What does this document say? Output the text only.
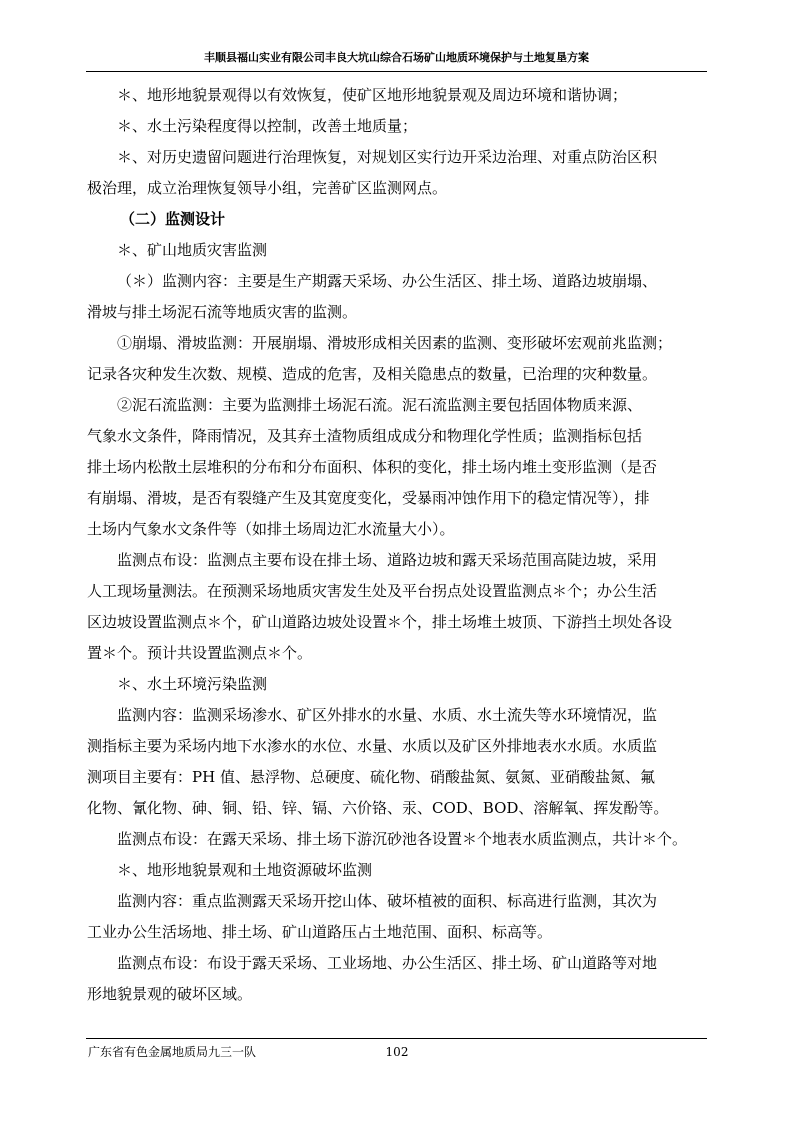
丰顺县福山实业有限公司丰良大坑山综合石场矿山地质环境保护与土地复垦方案

＊、地形地貌景观得以有效恢复，使矿区地形地貌景观及周边环境和谐协调；

＊、水土污染程度得以控制，改善土地质量；

＊、对历史遗留问题进行治理恢复，对规划区实行边开采边治理、对重点防治区积

极治理，成立治理恢复领导小组，完善矿区监测网点。

（二）监测设计

＊、矿山地质灾害监测

（＊）监测内容：主要是生产期露天采场、办公生活区、排土场、道路边坡崩塌、

滑坡与排土场泥石流等地质灾害的监测。

①崩塌、滑坡监测：开展崩塌、滑坡形成相关因素的监测、变形破坏宏观前兆监测；

记录各灾种发生次数、规模、造成的危害，及相关隐患点的数量，已治理的灾种数量。

②泥石流监测：主要为监测排土场泥石流。泥石流监测主要包括固体物质来源、

气象水文条件，降雨情况，及其弃土渣物质组成成分和物理化学性质；监测指标包括

排土场内松散土层堆积的分布和分布面积、体积的变化，排土场内堆土变形监测（是否

有崩塌、滑坡，是否有裂缝产生及其宽度变化，受暴雨冲蚀作用下的稳定情况等），排

土场内气象水文条件等（如排土场周边汇水流量大小）。

监测点布设：监测点主要布设在排土场、道路边坡和露天采场范围高陡边坡，采用

人工现场量测法。在预测采场地质灾害发生处及平台拐点处设置监测点＊个；办公生活

区边坡设置监测点＊个，矿山道路边坡处设置＊个，排土场堆土坡顶、下游挡土坝处各设

置＊个。预计共设置监测点＊个。

＊、水土环境污染监测

监测内容：监测采场渗水、矿区外排水的水量、水质、水土流失等水环境情况，监

测指标主要为采场内地下水渗水的水位、水量、水质以及矿区外排地表水水质。水质监

测项目主要有：PH 值、悬浮物、总硬度、硫化物、硝酸盐氮、氨氮、亚硝酸盐氮、氟

化物、氰化物、砷、铜、铅、锌、镉、六价铬、汞、COD、BOD、溶解氧、挥发酚等。

监测点布设：在露天采场、排土场下游沉砂池各设置＊个地表水质监测点，共计＊个。

＊、地形地貌景观和土地资源破坏监测

监测内容：重点监测露天采场开挖山体、破坏植被的面积、标高进行监测，其次为

工业办公生活场地、排土场、矿山道路压占土地范围、面积、标高等。

监测点布设：布设于露天采场、工业场地、办公生活区、排土场、矿山道路等对地

形地貌景观的破坏区域。

广东省有色金属地质局九三一队	102
